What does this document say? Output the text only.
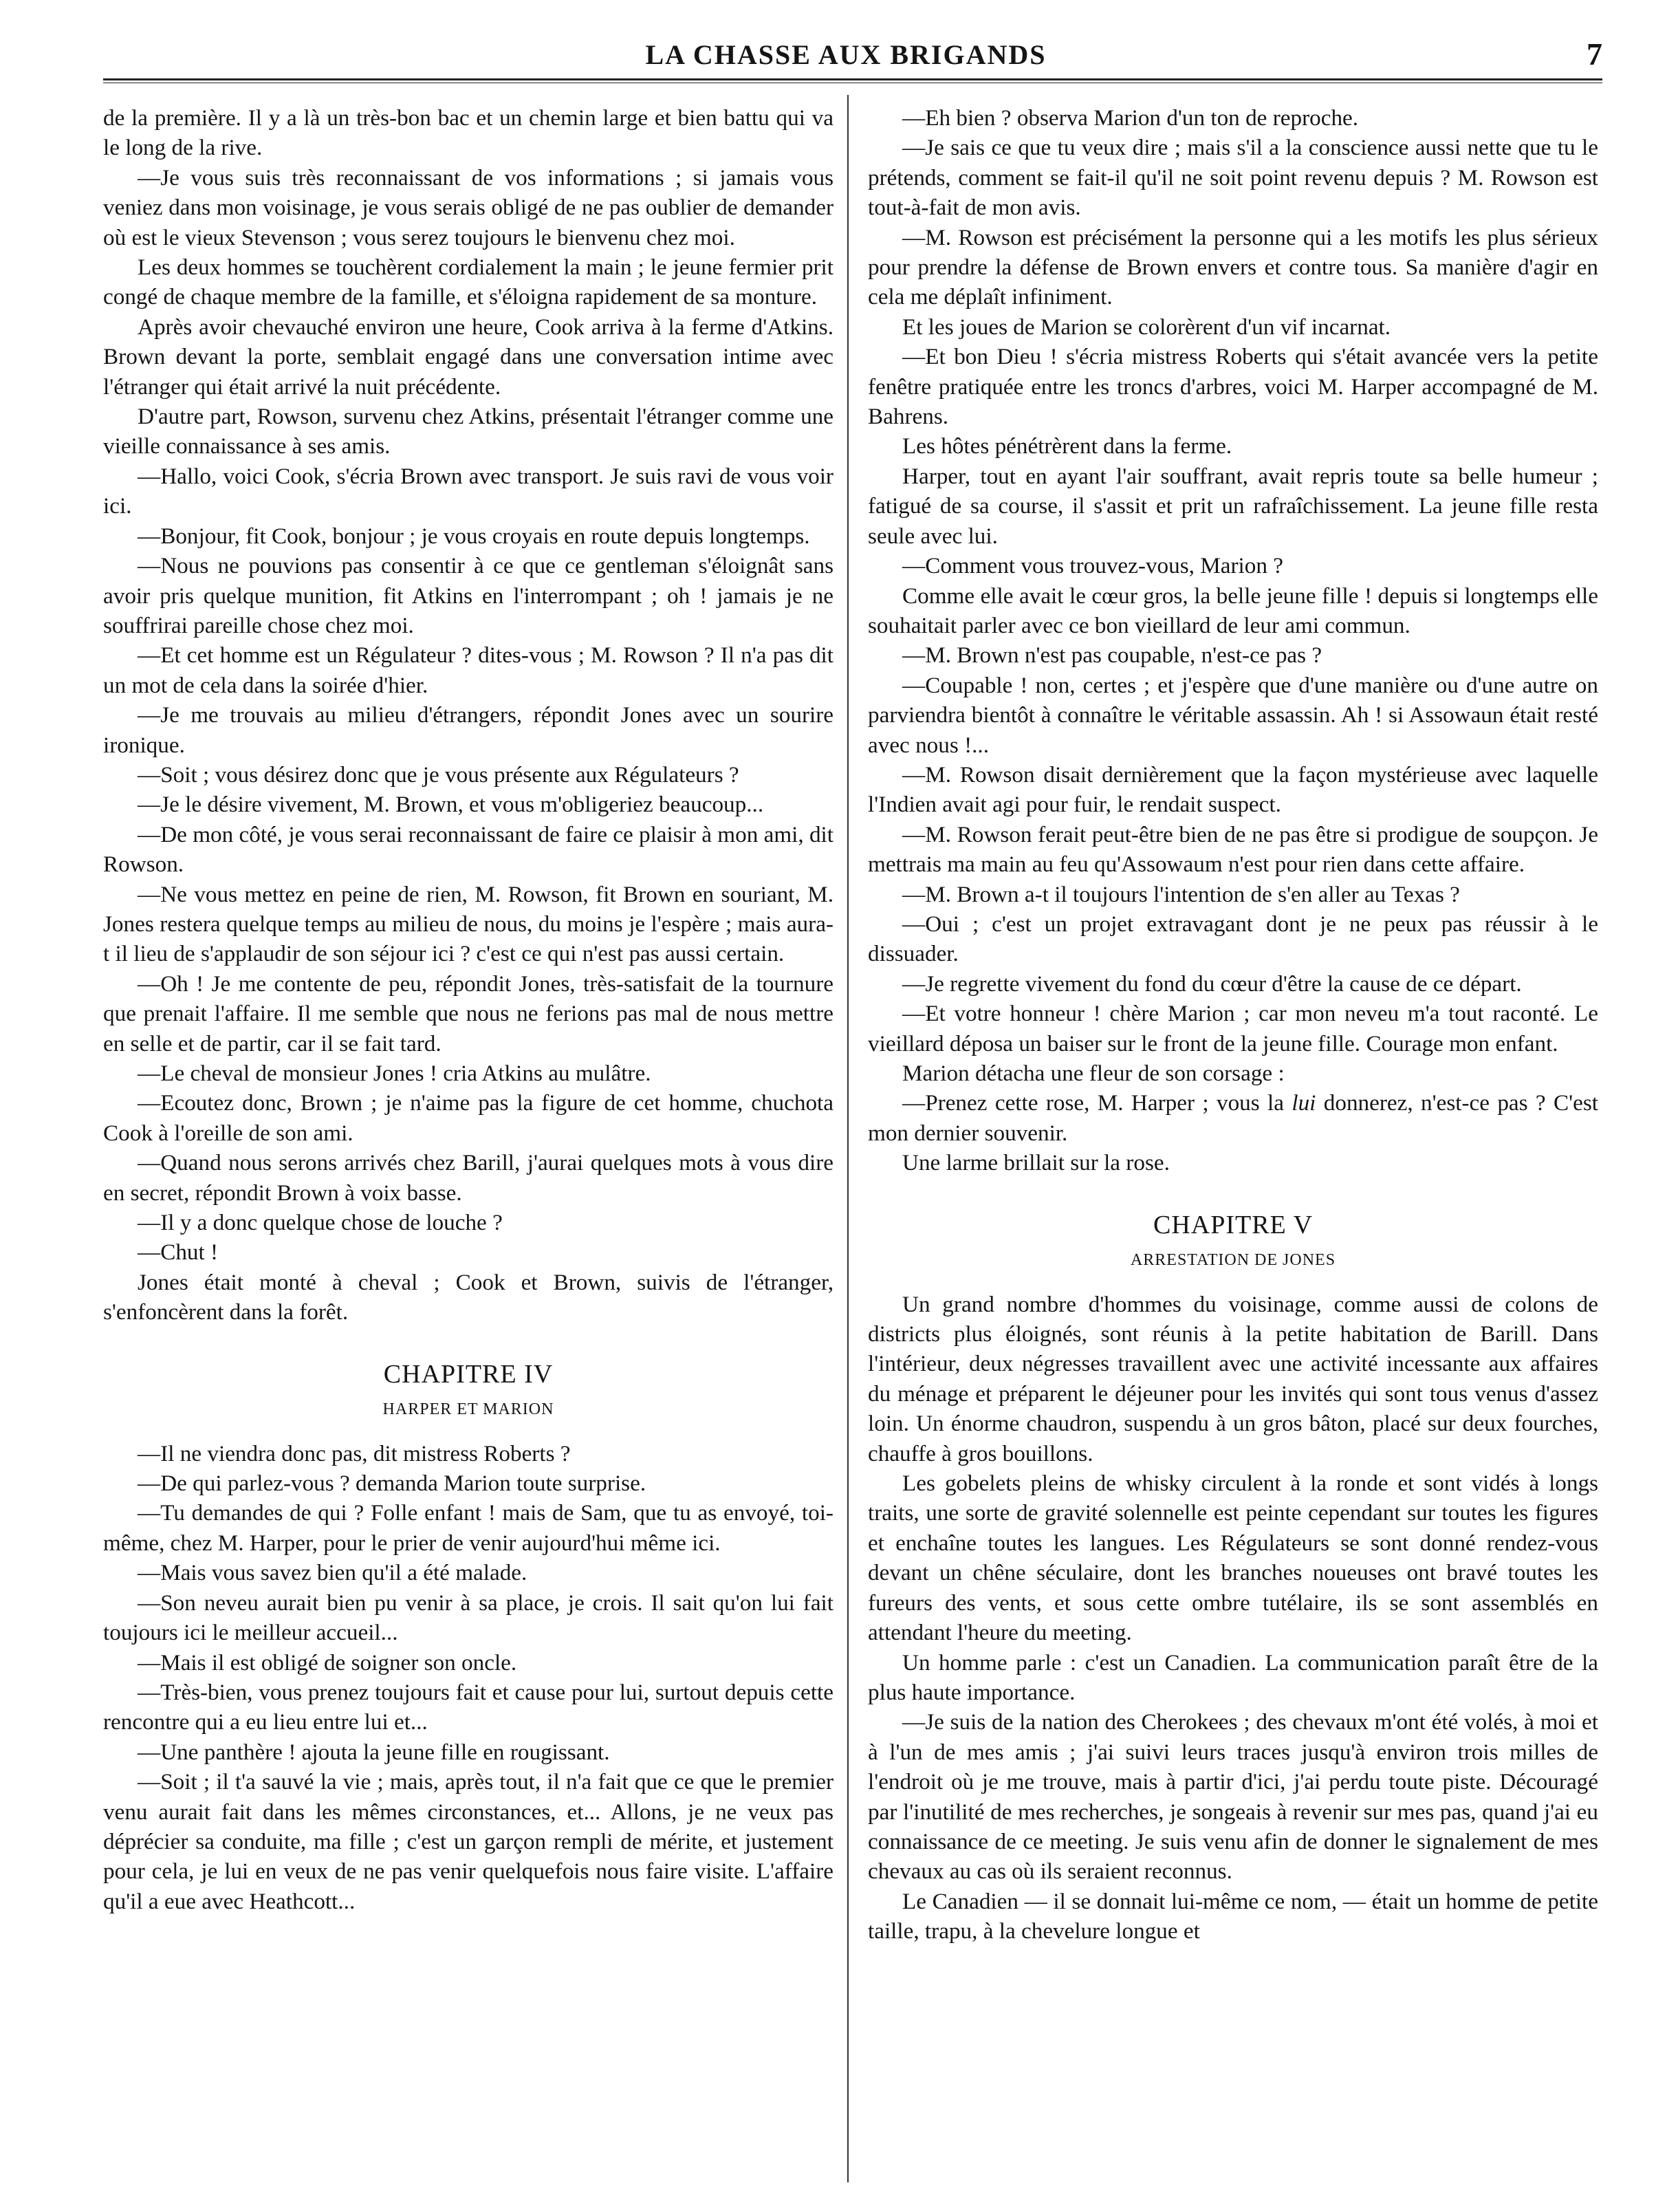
LA CHASSE AUX BRIGANDS	7

de la première. Il y a là un très-bon bac et un chemin large et bien battu qui va le long de la rive.

—Je vous suis très reconnaissant de vos informations ; si jamais vous veniez dans mon voisinage, je vous serais obligé de ne pas oublier de demander où est le vieux Stevenson ; vous serez toujours le bienvenu chez moi.

Les deux hommes se touchèrent cordialement la main ; le jeune fermier prit congé de chaque membre de la famille, et s'éloigna rapidement de sa monture.

Après avoir chevauché environ une heure, Cook arriva à la ferme d'Atkins. Brown devant la porte, semblait engagé dans une conversation intime avec l'étranger qui était arrivé la nuit précédente.

D'autre part, Rowson, survenu chez Atkins, présentait l'étranger comme une vieille connaissance à ses amis.

—Hallo, voici Cook, s'écria Brown avec transport. Je suis ravi de vous voir ici.

—Bonjour, fit Cook, bonjour ; je vous croyais en route depuis longtemps.

—Nous ne pouvions pas consentir à ce que ce gentleman s'éloignât sans avoir pris quelque munition, fit Atkins en l'interrompant ; oh ! jamais je ne souffrirai pareille chose chez moi.

—Et cet homme est un Régulateur ? dites-vous ; M. Rowson ? Il n'a pas dit un mot de cela dans la soirée d'hier.

—Je me trouvais au milieu d'étrangers, répondit Jones avec un sourire ironique.

—Soit ; vous désirez donc que je vous présente aux Régulateurs ?

—Je le désire vivement, M. Brown, et vous m'obligeriez beaucoup...

—De mon côté, je vous serai reconnaissant de faire ce plaisir à mon ami, dit Rowson.

—Ne vous mettez en peine de rien, M. Rowson, fit Brown en souriant, M. Jones restera quelque temps au milieu de nous, du moins je l'espère ; mais aura-t il lieu de s'applaudir de son séjour ici ? c'est ce qui n'est pas aussi certain.

—Oh ! Je me contente de peu, répondit Jones, très-satisfait de la tournure que prenait l'affaire. Il me semble que nous ne ferions pas mal de nous mettre en selle et de partir, car il se fait tard.

—Le cheval de monsieur Jones ! cria Atkins au mulâtre.

—Ecoutez donc, Brown ; je n'aime pas la figure de cet homme, chuchota Cook à l'oreille de son ami.

—Quand nous serons arrivés chez Barill, j'aurai quelques mots à vous dire en secret, répondit Brown à voix basse.

—Il y a donc quelque chose de louche ?

—Chut !

Jones était monté à cheval ; Cook et Brown, suivis de l'étranger, s'enfoncèrent dans la forêt.

CHAPITRE IV
HARPER ET MARION

—Il ne viendra donc pas, dit mistress Roberts ?

—De qui parlez-vous ? demanda Marion toute surprise.

—Tu demandes de qui ? Folle enfant ! mais de Sam, que tu as envoyé, toi-même, chez M. Harper, pour le prier de venir aujourd'hui même ici.

—Mais vous savez bien qu'il a été malade.

—Son neveu aurait bien pu venir à sa place, je crois. Il sait qu'on lui fait toujours ici le meilleur accueil...

—Mais il est obligé de soigner son oncle.

—Très-bien, vous prenez toujours fait et cause pour lui, surtout depuis cette rencontre qui a eu lieu entre lui et...

—Une panthère ! ajouta la jeune fille en rougissant.

—Soit ; il t'a sauvé la vie ; mais, après tout, il n'a fait que ce que le premier venu aurait fait dans les mêmes circonstances, et... Allons, je ne veux pas déprécier sa conduite, ma fille ; c'est un garçon rempli de mérite, et justement pour cela, je lui en veux de ne pas venir quelquefois nous faire visite. L'affaire qu'il a eue avec Heathcott...

—Eh bien ? observa Marion d'un ton de reproche.

—Je sais ce que tu veux dire ; mais s'il a la conscience aussi nette que tu le prétends, comment se fait-il qu'il ne soit point revenu depuis ? M. Rowson est tout-à-fait de mon avis.

—M. Rowson est précisément la personne qui a les motifs les plus sérieux pour prendre la défense de Brown envers et contre tous. Sa manière d'agir en cela me déplaît infiniment.

Et les joues de Marion se colorèrent d'un vif incarnat.

—Et bon Dieu ! s'écria mistress Roberts qui s'était avancée vers la petite fenêtre pratiquée entre les troncs d'arbres, voici M. Harper accompagné de M. Bahrens.

Les hôtes pénétrèrent dans la ferme.

Harper, tout en ayant l'air souffrant, avait repris toute sa belle humeur ; fatigué de sa course, il s'assit et prit un rafraîchissement. La jeune fille resta seule avec lui.

—Comment vous trouvez-vous, Marion ?

Comme elle avait le cœur gros, la belle jeune fille ! depuis si longtemps elle souhaitait parler avec ce bon vieillard de leur ami commun.

—M. Brown n'est pas coupable, n'est-ce pas ?

—Coupable ! non, certes ; et j'espère que d'une manière ou d'une autre on parviendra bientôt à connaître le véritable assassin. Ah ! si Assowaun était resté avec nous !...

—M. Rowson disait dernièrement que la façon mystérieuse avec laquelle l'Indien avait agi pour fuir, le rendait suspect.

—M. Rowson ferait peut-être bien de ne pas être si prodigue de soupçon. Je mettrais ma main au feu qu'Assowaum n'est pour rien dans cette affaire.

—M. Brown a-t il toujours l'intention de s'en aller au Texas ?

—Oui ; c'est un projet extravagant dont je ne peux pas réussir à le dissuader.

—Je regrette vivement du fond du cœur d'être la cause de ce départ.

—Et votre honneur ! chère Marion ; car mon neveu m'a tout raconté. Le vieillard déposa un baiser sur le front de la jeune fille. Courage mon enfant.

Marion détacha une fleur de son corsage :

—Prenez cette rose, M. Harper ; vous la lui donnerez, n'est-ce pas ? C'est mon dernier souvenir.

Une larme brillait sur la rose.

CHAPITRE V
ARRESTATION DE JONES

Un grand nombre d'hommes du voisinage, comme aussi de colons de districts plus éloignés, sont réunis à la petite habitation de Barill. Dans l'intérieur, deux négresses travaillent avec une activité incessante aux affaires du ménage et préparent le déjeuner pour les invités qui sont tous venus d'assez loin. Un énorme chaudron, suspendu à un gros bâton, placé sur deux fourches, chauffe à gros bouillons.

Les gobelets pleins de whisky circulent à la ronde et sont vidés à longs traits, une sorte de gravité solennelle est peinte cependant sur toutes les figures et enchaîne toutes les langues. Les Régulateurs se sont donné rendez-vous devant un chêne séculaire, dont les branches noueuses ont bravé toutes les fureurs des vents, et sous cette ombre tutélaire, ils se sont assemblés en attendant l'heure du meeting.

Un homme parle : c'est un Canadien. La communication paraît être de la plus haute importance.

—Je suis de la nation des Cherokees ; des chevaux m'ont été volés, à moi et à l'un de mes amis ; j'ai suivi leurs traces jusqu'à environ trois milles de l'endroit où je me trouve, mais à partir d'ici, j'ai perdu toute piste. Découragé par l'inutilité de mes recherches, je songeais à revenir sur mes pas, quand j'ai eu connaissance de ce meeting. Je suis venu afin de donner le signalement de mes chevaux au cas où ils seraient reconnus.

Le Canadien — il se donnait lui-même ce nom, — était un homme de petite taille, trapu, à la chevelure longue et
